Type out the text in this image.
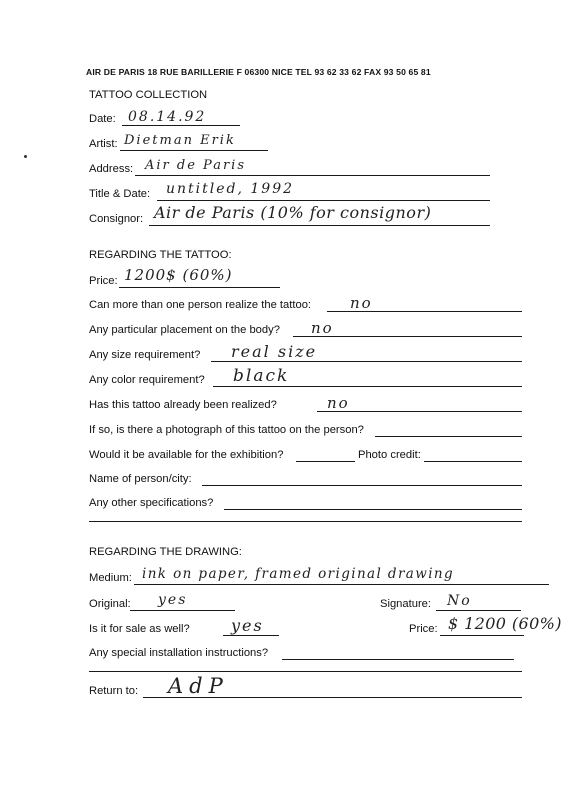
AIR DE PARIS 18 RUE BARILLERIE F 06300 NICE TEL 93 62 33 62 FAX 93 50 65 81
TATTOO COLLECTION
Date: 08.14.92
Artist: Dietman Erik
Address: Air de Paris
Title & Date: untitled, 1992
Consignor: Air de Paris (10% for consignor)
REGARDING THE TATTOO:
Price: 1200$ (60%)
Can more than one person realize the tattoo:	no
Any particular placement on the body? no
Any size requirement? real size
Any color requirement? black
Has this tattoo already been realized?	no
If so, is there a photograph of this tattoo on the person?
Would it be available for the exhibition?	Photo credit:
Name of person/city:
Any other specifications?
REGARDING THE DRAWING:
Medium: ink on paper, framed original drawing
Original: yes	Signature: No
Is it for sale as well?	yes	Price: $ 1200 (60%)
Any special installation instructions?
Return to: AdP
